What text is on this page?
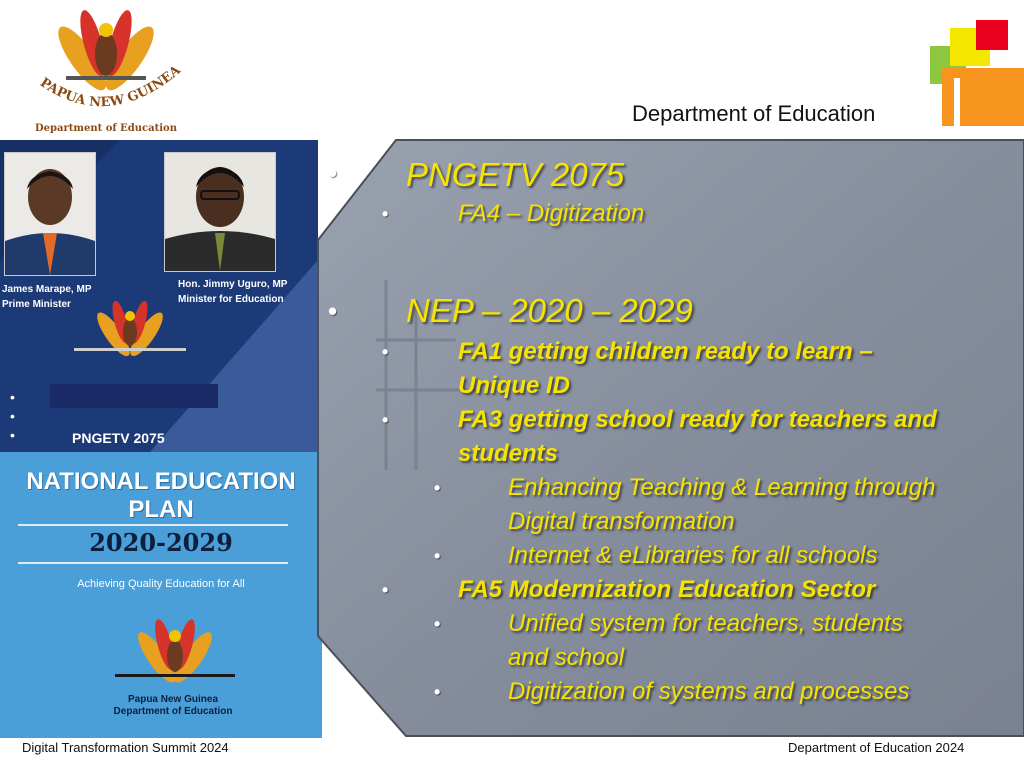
PAPUA NEW GUINEA
Department of Education
Department of Education
James Marape, MP
Prime Minister
Hon. Jimmy Uguro, MP
Minister for Education
•
•
•	PNGETV 2075
NATIONAL EDUCATION
PLAN
2020-2029
Achieving Quality Education for All
Papua New Guinea
Department of Education
• PNGETV 2075
•	FA4 – Digitization
• NEP – 2020 – 2029
•	FA1 getting children ready to learn –
Unique ID
•	FA3 getting school ready for teachers and
students
•	Enhancing Teaching & Learning through
Digital transformation
•	Internet & eLibraries for all schools
•	FA5 Modernization Education Sector
•	Unified system for teachers, students
and school
•	Digitization of systems and processes
Digital Transformation Summit 2024	Department of Education 2024
